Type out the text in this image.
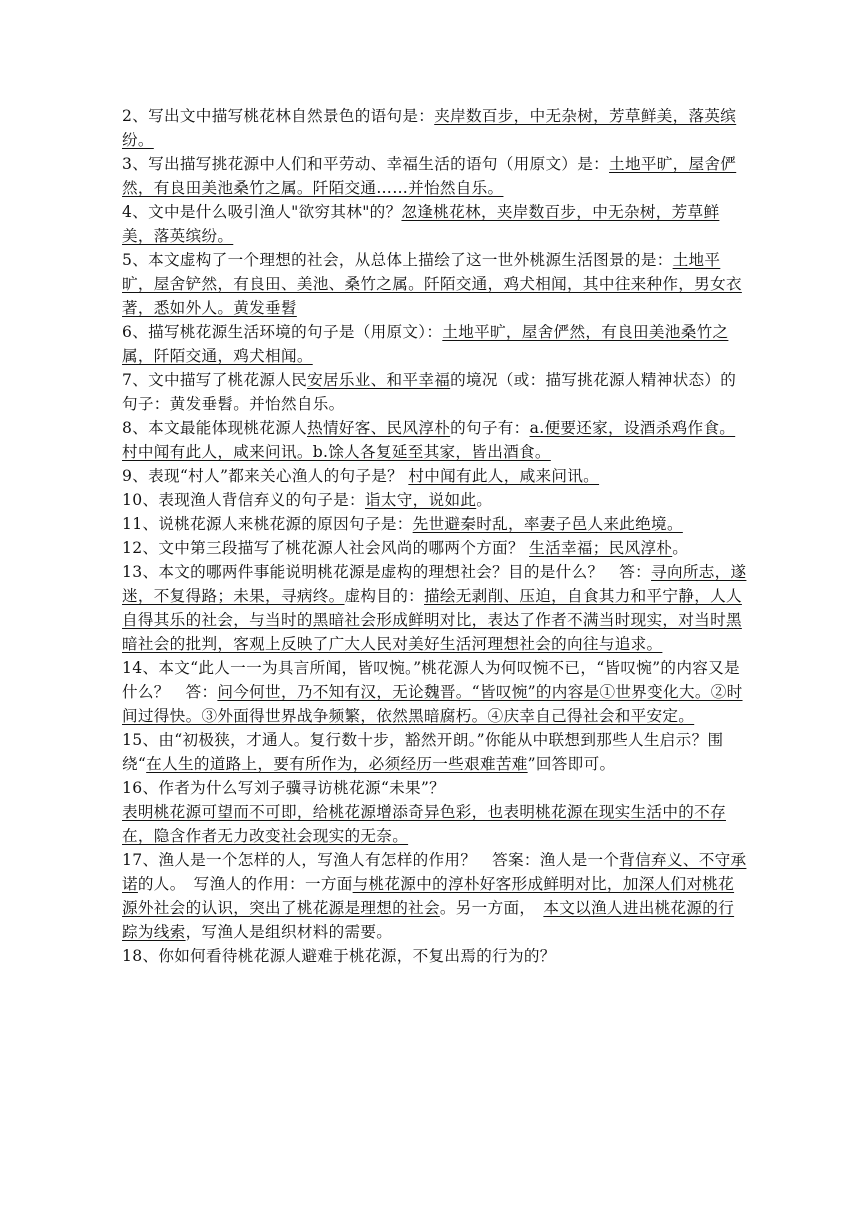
2、写出文中描写桃花林自然景色的语句是：夹岸数百步，中无杂树，芳草鲜美，落英缤纷。

3、写出描写挑花源中人们和平劳动、幸福生活的语句（用原文）是：土地平旷，屋舍俨然，有良田美池桑竹之属。阡陌交通……并怡然自乐。

4、文中是什么吸引渔人"欲穷其林"的？忽逢桃花林，夹岸数百步，中无杂树，芳草鲜美，落英缤纷。

5、本文虚构了一个理想的社会，从总体上描绘了这一世外桃源生活图景的是：土地平旷，屋舍铲然，有良田、美池、桑竹之属。阡陌交通，鸡犬相闻，其中往来种作，男女衣著，悉如外人。黄发垂髫

6、描写桃花源生活环境的句子是（用原文）：土地平旷，屋舍俨然，有良田美池桑竹之属，阡陌交通，鸡犬相闻。

7、文中描写了桃花源人民安居乐业、和平幸福的境况（或：描写挑花源人精神状态）的句子：黄发垂髫。并怡然自乐。

8、本文最能体现桃花源人热情好客、民风淳朴的句子有：a.便要还家，设酒杀鸡作食。村中闻有此人，咸来问讯。b.馀人各复延至其家，皆出酒食。

9、表现“村人”都来关心渔人的句子是？ 村中闻有此人，咸来问讯。

10、表现渔人背信弃义的句子是：诣太守，说如此。

11、说桃花源人来桃花源的原因句子是：先世避秦时乱，率妻子邑人来此绝境。

12、文中第三段描写了桃花源人社会风尚的哪两个方面？ 生活幸福；民风淳朴。

13、本文的哪两件事能说明桃花源是虚构的理想社会？目的是什么？　答：寻向所志，遂迷，不复得路；未果，寻病终。虚构目的：描绘无剥削、压迫，自食其力和平宁静，人人自得其乐的社会，与当时的黑暗社会形成鲜明对比，表达了作者不满当时现实，对当时黑暗社会的批判，客观上反映了广大人民对美好生活河理想社会的向往与追求。

14、本文“此人一一为具言所闻，皆叹惋。”桃花源人为何叹惋不已，“皆叹惋”的内容又是什么？　答：问今何世，乃不知有汉，无论魏晋。“皆叹惋”的内容是①世界变化大。②时间过得快。③外面得世界战争频繁，依然黑暗腐朽。④庆幸自己得社会和平安定。

15、由“初极狭，才通人。复行数十步，豁然开朗。”你能从中联想到那些人生启示？围绕“在人生的道路上，要有所作为，必须经历一些艰难苦难”回答即可。

16、作者为什么写刘子骥寻访桃花源“未果”？

表明桃花源可望而不可即，给桃花源增添奇异色彩，也表明桃花源在现实生活中的不存在，隐含作者无力改变社会现实的无奈。

17、渔人是一个怎样的人，写渔人有怎样的作用？　答案：渔人是一个背信弃义、不守承诺的人。　写渔人的作用：一方面与桃花源中的淳朴好客形成鲜明对比，加深人们对桃花源外社会的认识，突出了桃花源是理想的社会。另一方面，　本文以渔人进出桃花源的行踪为线索，写渔人是组织材料的需要。

18、你如何看待桃花源人避难于桃花源，不复出焉的行为的？
